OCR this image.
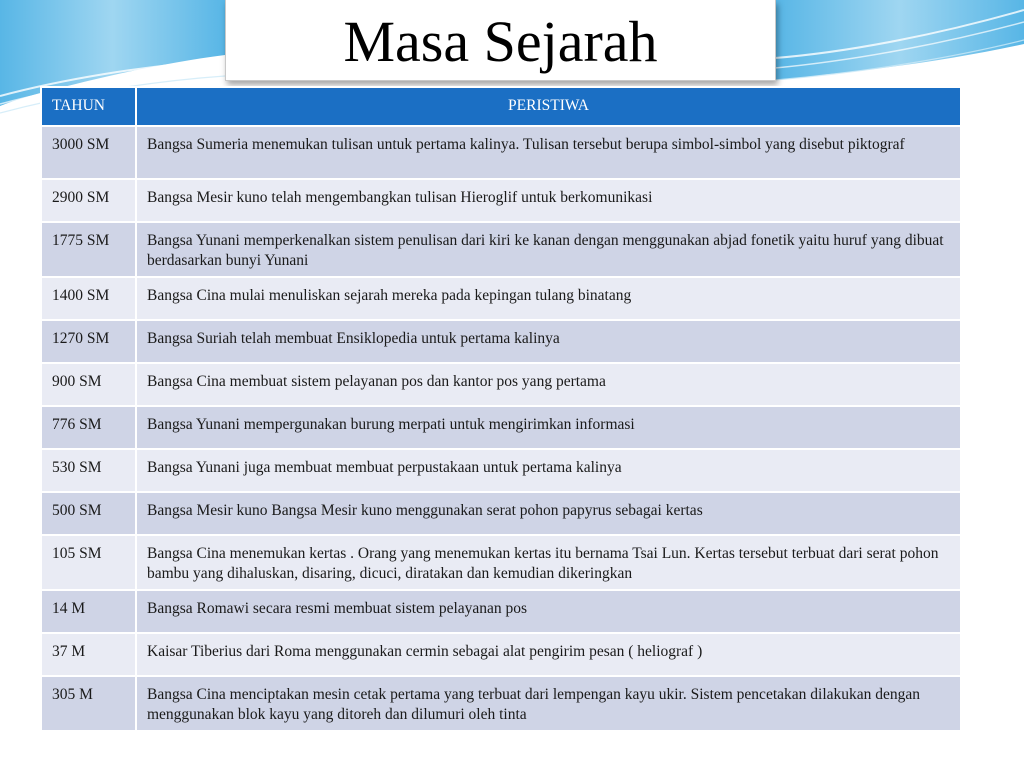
Masa Sejarah
TAHUN	PERISTIWA
3000 SM	Bangsa Sumeria menemukan tulisan untuk pertama kalinya. Tulisan tersebut berupa simbol-simbol yang disebut piktograf
2900 SM	Bangsa Mesir kuno telah mengembangkan tulisan Hieroglif untuk berkomunikasi
1775 SM	Bangsa Yunani memperkenalkan sistem penulisan dari kiri ke kanan dengan menggunakan abjad fonetik yaitu huruf yang dibuat berdasarkan bunyi Yunani
1400 SM	Bangsa Cina mulai menuliskan sejarah mereka pada kepingan tulang binatang
1270 SM	Bangsa Suriah telah membuat Ensiklopedia untuk pertama kalinya
900 SM	Bangsa Cina membuat sistem pelayanan pos dan kantor pos yang pertama
776 SM	Bangsa Yunani mempergunakan burung merpati untuk mengirimkan informasi
530 SM	Bangsa Yunani juga membuat membuat perpustakaan untuk pertama kalinya
500 SM	Bangsa Mesir kuno Bangsa Mesir kuno menggunakan serat pohon papyrus sebagai kertas
105 SM	Bangsa Cina menemukan kertas . Orang yang menemukan kertas itu bernama Tsai Lun. Kertas tersebut terbuat dari serat pohon bambu yang dihaluskan, disaring, dicuci, diratakan dan kemudian dikeringkan
14 M	Bangsa Romawi secara resmi membuat sistem pelayanan pos
37 M	Kaisar Tiberius dari Roma menggunakan cermin sebagai alat pengirim pesan ( heliograf )
305 M	Bangsa Cina menciptakan mesin cetak pertama yang terbuat dari lempengan kayu ukir. Sistem pencetakan dilakukan dengan menggunakan blok kayu yang ditoreh dan dilumuri oleh tinta
